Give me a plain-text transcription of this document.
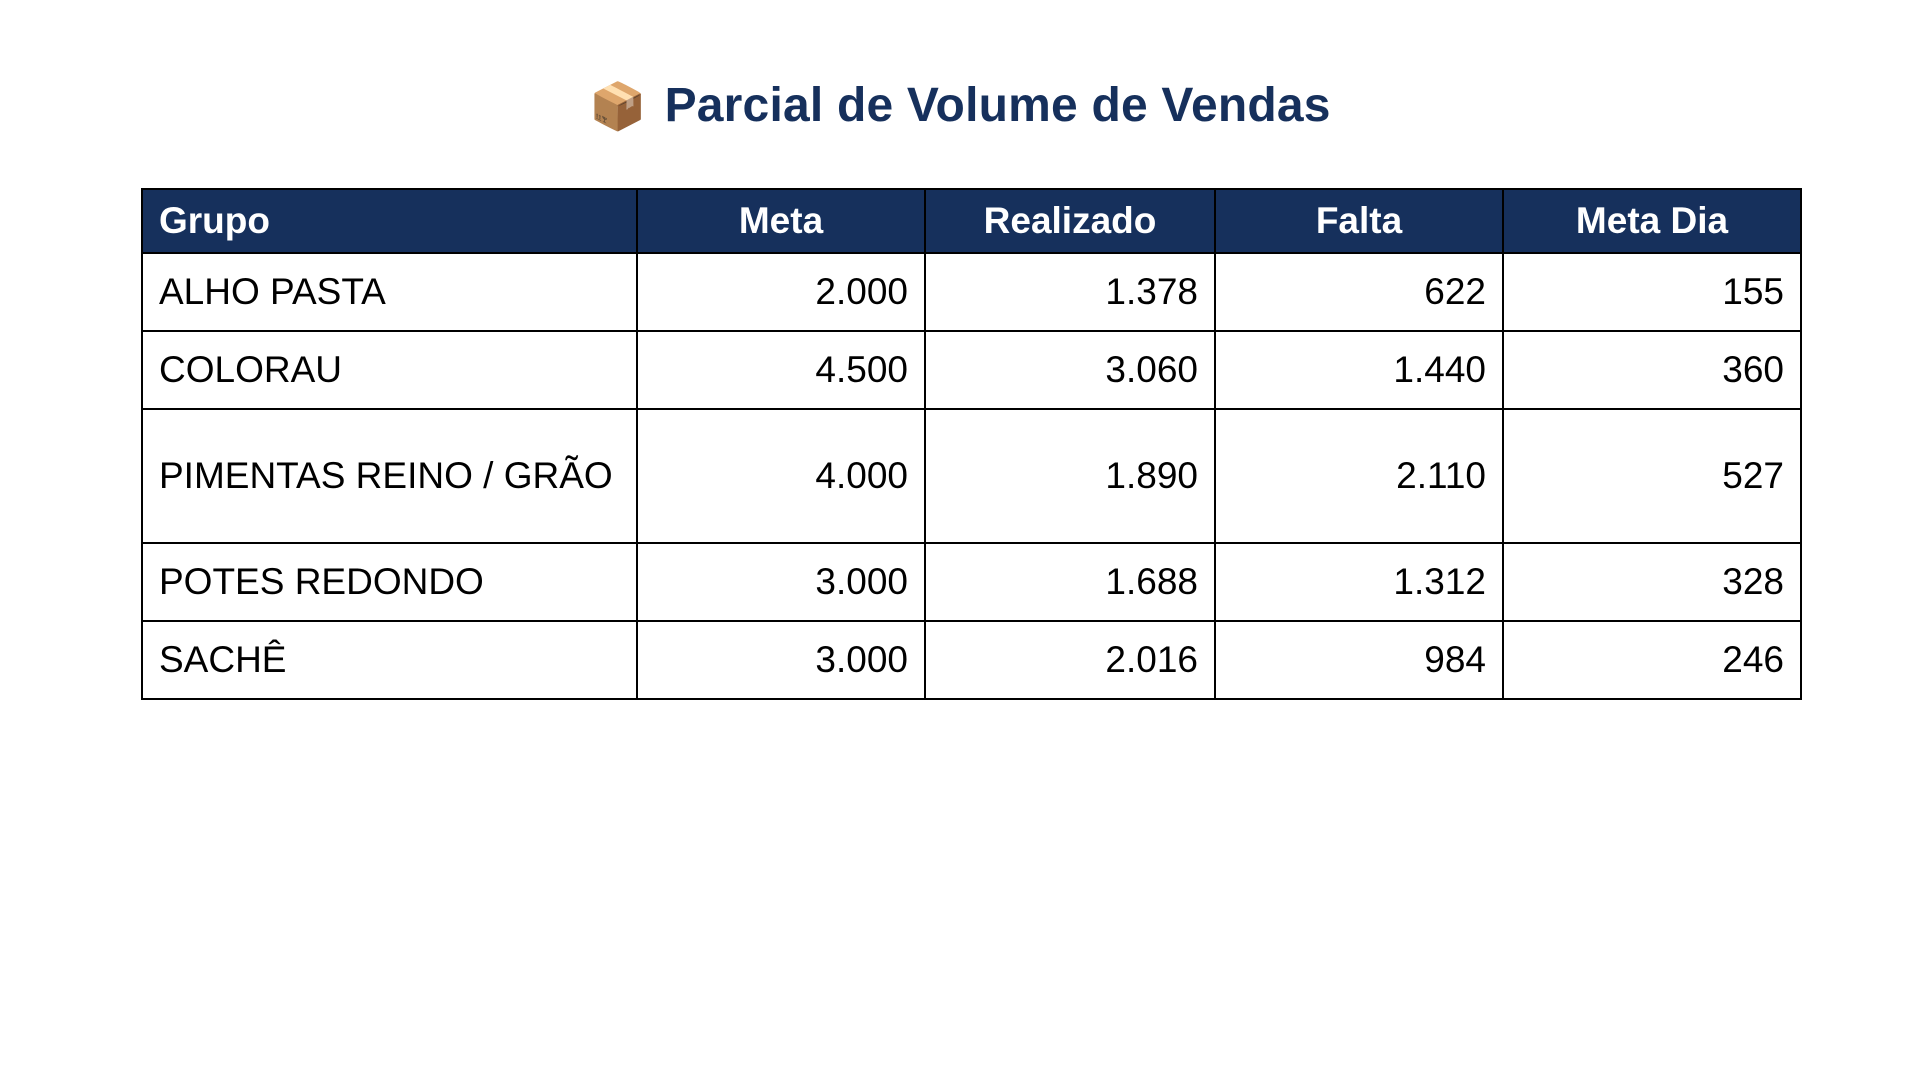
📦 Parcial de Volume de Vendas
Grupo	Meta	Realizado	Falta	Meta Dia
ALHO PASTA	2.000	1.378	622	155
COLORAU	4.500	3.060	1.440	360
PIMENTAS REINO / GRÃO	4.000	1.890	2.110	527
POTES REDONDO	3.000	1.688	1.312	328
SACHÊ	3.000	2.016	984	246
